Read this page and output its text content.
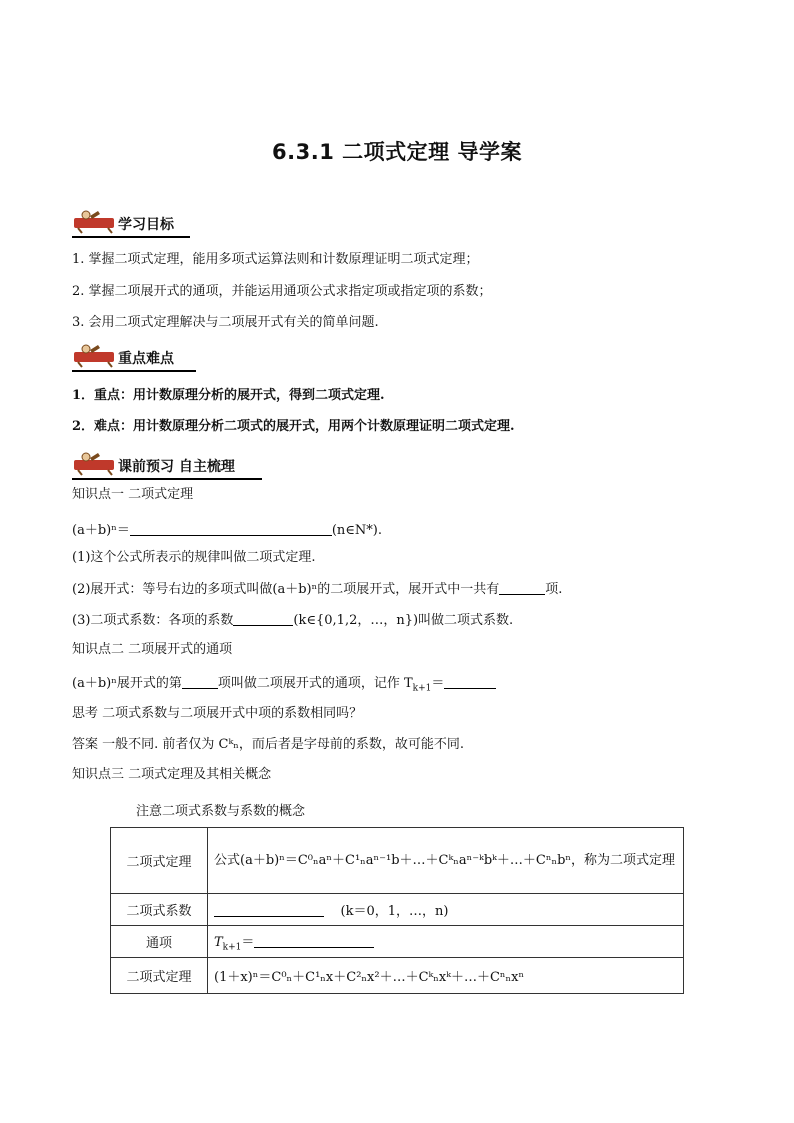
6.3.1 二项式定理 导学案
学习目标
1. 掌握二项式定理，能用多项式运算法则和计数原理证明二项式定理；
2. 掌握二项展开式的通项，并能运用通项公式求指定项或指定项的系数；
3. 会用二项式定理解决与二项展开式有关的简单问题.
重点难点
1．重点：用计数原理分析的展开式，得到二项式定理.
2．难点：用计数原理分析二项式的展开式，用两个计数原理证明二项式定理.
课前预习 自主梳理
知识点一 二项式定理
(a＋b)ⁿ＝	(n∈N*).
(1)这个公式所表示的规律叫做二项式定理.
(2)展开式：等号右边的多项式叫做(a＋b)ⁿ的二项展开式，展开式中一共有	项.
(3)二项式系数：各项的系数	(k∈{0,1,2，…，n})叫做二项式系数.
知识点二 二项展开式的通项
(a＋b)ⁿ展开式的第	项叫做二项展开式的通项，记作 $T_{k+1}=$
思考 二项式系数与二项展开式中项的系数相同吗？
答案 一般不同. 前者仅为 Cᵏₙ，而后者是字母前的系数，故可能不同.
知识点三 二项式定理及其相关概念
注意二项式系数与系数的概念
二项式定理	公式(a＋b)ⁿ＝C⁰ₙaⁿ＋C¹ₙaⁿ⁻¹b＋…＋Cᵏₙaⁿ⁻ᵏbᵏ＋…＋Cⁿₙbⁿ，称为二项式定理
二项式系数	(k＝0，1，…，n)
通项	$T_{k+1}=$
二项式定理	(1＋x)ⁿ＝C⁰ₙ＋C¹ₙx＋C²ₙx²＋…＋Cᵏₙxᵏ＋…＋Cⁿₙxⁿ
